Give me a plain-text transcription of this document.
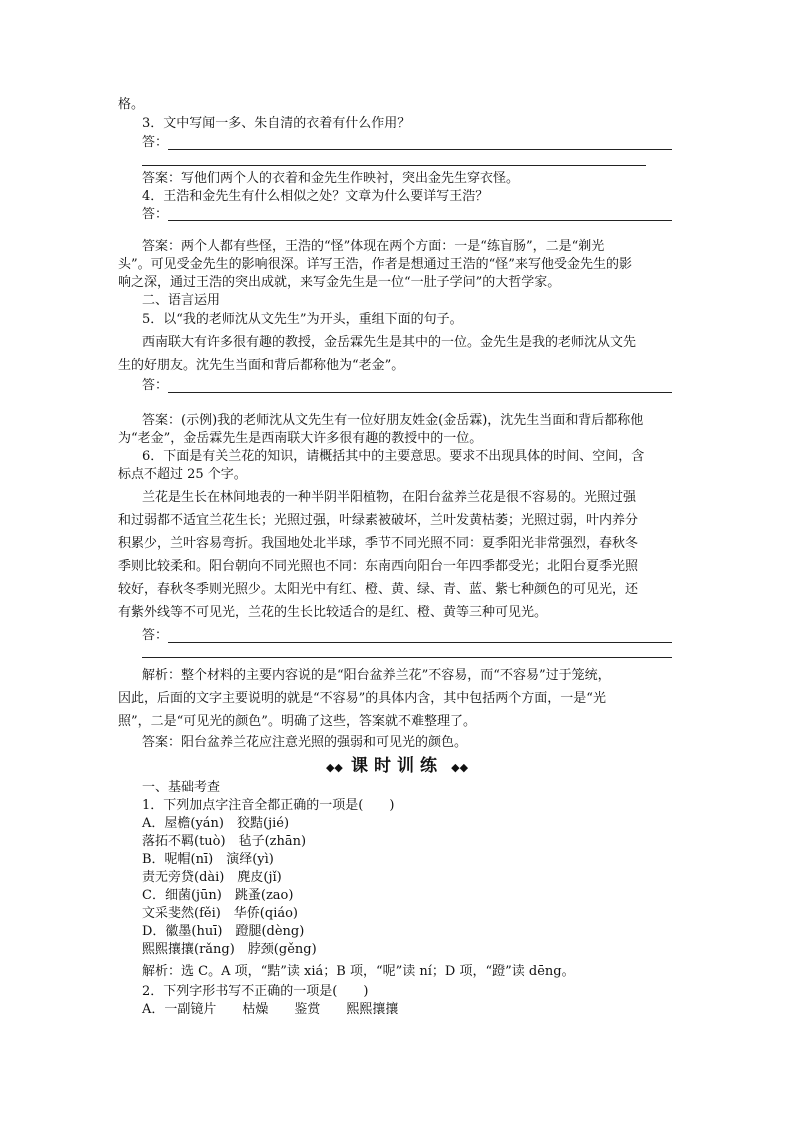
格。
3．文中写闻一多、朱自清的衣着有什么作用？
答：
答案：写他们两个人的衣着和金先生作映衬，突出金先生穿衣怪。
4．王浩和金先生有什么相似之处？文章为什么要详写王浩？
答：
答案：两个人都有些怪，王浩的“怪”体现在两个方面：一是“练盲肠”，二是“剃光
头”。可见受金先生的影响很深。详写王浩，作者是想通过王浩的“怪”来写他受金先生的影
响之深，通过王浩的突出成就，来写金先生是一位“一肚子学问”的大哲学家。
二、语言运用
5．以“我的老师沈从文先生”为开头，重组下面的句子。
西南联大有许多很有趣的教授，金岳霖先生是其中的一位。金先生是我的老师沈从文先
生的好朋友。沈先生当面和背后都称他为“老金”。
答：
答案：(示例)我的老师沈从文先生有一位好朋友姓金(金岳霖)，沈先生当面和背后都称他
为“老金”，金岳霖先生是西南联大许多很有趣的教授中的一位。
6．下面是有关兰花的知识，请概括其中的主要意思。要求不出现具体的时间、空间，含
标点不超过 25 个字。
兰花是生长在林间地表的一种半阴半阳植物，在阳台盆养兰花是很不容易的。光照过强
和过弱都不适宜兰花生长；光照过强，叶绿素被破坏，兰叶发黄枯萎；光照过弱，叶内养分
积累少，兰叶容易弯折。我国地处北半球，季节不同光照不同：夏季阳光非常强烈，春秋冬
季则比较柔和。阳台朝向不同光照也不同：东南西向阳台一年四季都受光；北阳台夏季光照
较好，春秋冬季则光照少。太阳光中有红、橙、黄、绿、青、蓝、紫七种颜色的可见光，还
有紫外线等不可见光，兰花的生长比较适合的是红、橙、黄等三种可见光。
答：
解析：整个材料的主要内容说的是“阳台盆养兰花”不容易，而“不容易”过于笼统，
因此，后面的文字主要说明的就是“不容易”的具体内含，其中包括两个方面，一是“光
照”，二是“可见光的颜色”。明确了这些，答案就不难整理了。
答案：阳台盆养兰花应注意光照的强弱和可见光的颜色。
◆◆ 课时训练 ◆◆
一、基础考查
1．下列加点字注音全都正确的一项是(　　)
A．屋檐(yán)　狡黠(jié)
落拓不羁(tuò)　毡子(zhān)
B．呢帽(nī)　演绎(yì)
责无旁贷(dài)　麂皮(jǐ)
C．细菌(jūn)　跳蚤(zao)
文采斐然(fěi)　华侨(qiáo)
D．徽墨(huī)　蹬腿(dèng)
熙熙攘攘(rǎng)　脖颈(gěng)
解析：选 C。A 项，“黠”读 xiá；B 项，“呢”读 ní；D 项，“蹬”读 dēng。
2．下列字形书写不正确的一项是(　　)
A．一副镜片　　枯燥　　鉴赏　　熙熙攘攘
